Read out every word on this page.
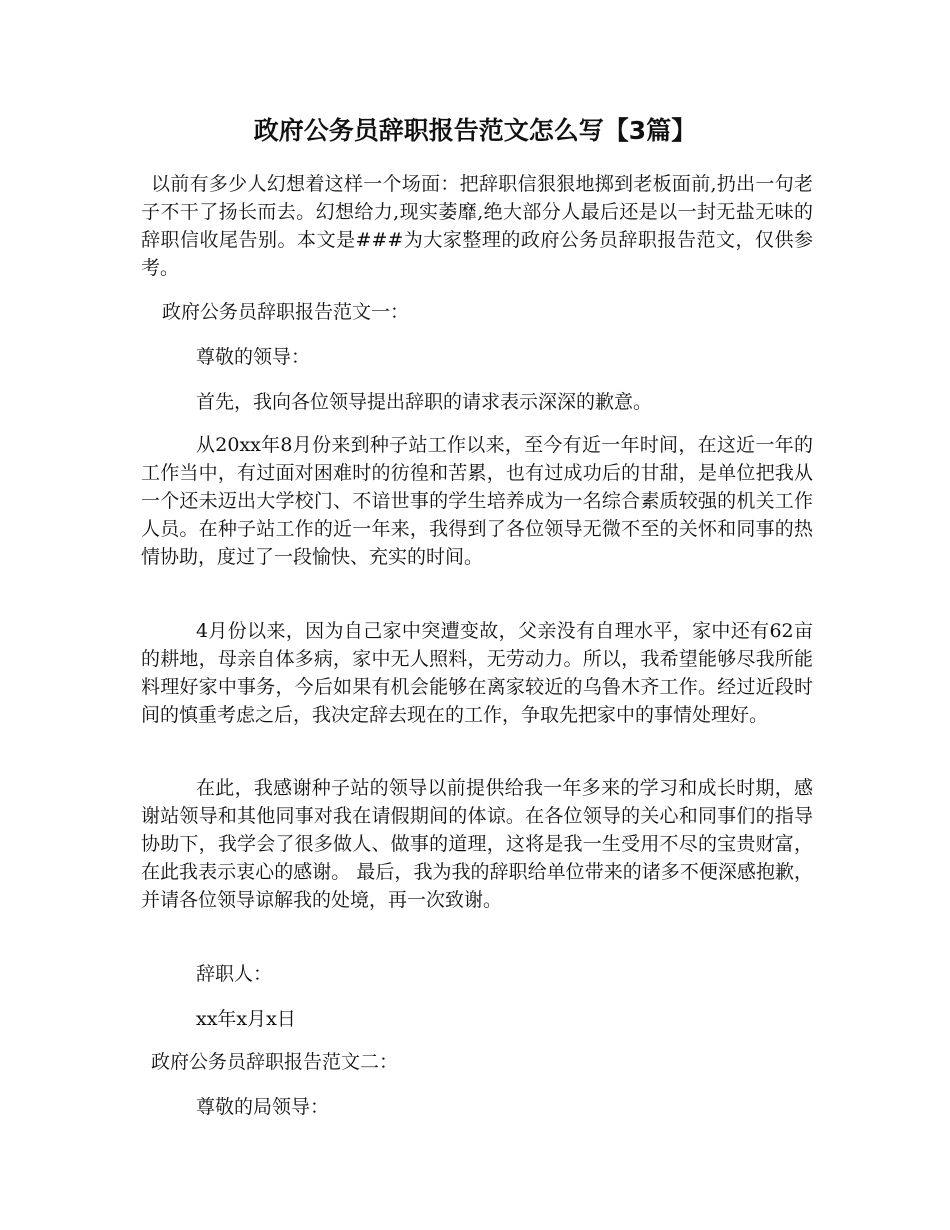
政府公务员辞职报告范文怎么写【3篇】

以前有多少人幻想着这样一个场面：把辞职信狠狠地掷到老板面前,扔出一句老子不干了扬长而去。幻想给力,现实萎靡,绝大部分人最后还是以一封无盐无味的辞职信收尾告别。本文是###为大家整理的政府公务员辞职报告范文，仅供参考。

政府公务员辞职报告范文一：

尊敬的领导：

首先，我向各位领导提出辞职的请求表示深深的歉意。

从20xx年8月份来到种子站工作以来，至今有近一年时间，在这近一年的工作当中，有过面对困难时的彷徨和苦累，也有过成功后的甘甜，是单位把我从一个还未迈出大学校门、不谙世事的学生培养成为一名综合素质较强的机关工作人员。在种子站工作的近一年来，我得到了各位领导无微不至的关怀和同事的热情协助，度过了一段愉快、充实的时间。

4月份以来，因为自己家中突遭变故，父亲没有自理水平，家中还有62亩的耕地，母亲自体多病，家中无人照料，无劳动力。所以，我希望能够尽我所能料理好家中事务，今后如果有机会能够在离家较近的乌鲁木齐工作。经过近段时间的慎重考虑之后，我决定辞去现在的工作，争取先把家中的事情处理好。

在此，我感谢种子站的领导以前提供给我一年多来的学习和成长时期，感谢站领导和其他同事对我在请假期间的体谅。在各位领导的关心和同事们的指导协助下，我学会了很多做人、做事的道理，这将是我一生受用不尽的宝贵财富，在此我表示衷心的感谢。 最后，我为我的辞职给单位带来的诸多不便深感抱歉，并请各位领导谅解我的处境，再一次致谢。

辞职人：

xx年x月x日

政府公务员辞职报告范文二：

尊敬的局领导：
